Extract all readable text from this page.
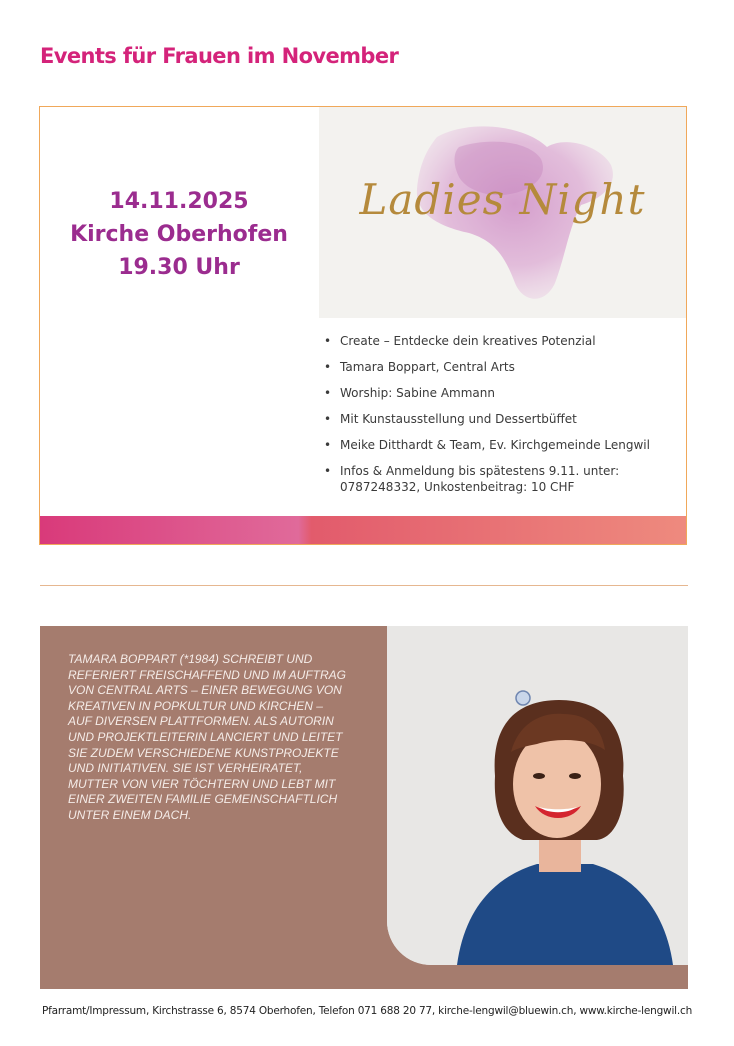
Events für Frauen im November
14.11.2025
Kirche Oberhofen
19.30 Uhr
Ladies Night
• Create – Entdecke dein kreatives Potenzial
• Tamara Boppart, Central Arts
• Worship: Sabine Ammann
• Mit Kunstausstellung und Dessertbüffet
• Meike Ditthardt & Team, Ev. Kirchgemeinde Lengwil
• Infos & Anmeldung bis spätestens 9.11. unter: 0787248332, Unkostenbeitrag: 10 CHF
TAMARA BOPPART (*1984) SCHREIBT UND REFERIERT FREISCHAFFEND UND IM AUFTRAG VON CENTRAL ARTS – EINER BEWEGUNG VON KREATIVEN IN POPKULTUR UND KIRCHEN – AUF DIVERSEN PLATTFORMEN. ALS AUTORIN UND PROJEKTLEITERIN LANCIERT UND LEITET SIE ZUDEM VERSCHIEDENE KUNSTPROJEKTE UND INITIATIVEN. SIE IST VERHEIRATET, MUTTER VON VIER TÖCHTERN UND LEBT MIT EINER ZWEITEN FAMILIE GEMEINSCHAFTLICH UNTER EINEM DACH.
Pfarramt/Impressum, Kirchstrasse 6, 8574 Oberhofen, Telefon 071 688 20 77, kirche-lengwil@bluewin.ch, www.kirche-lengwil.ch
